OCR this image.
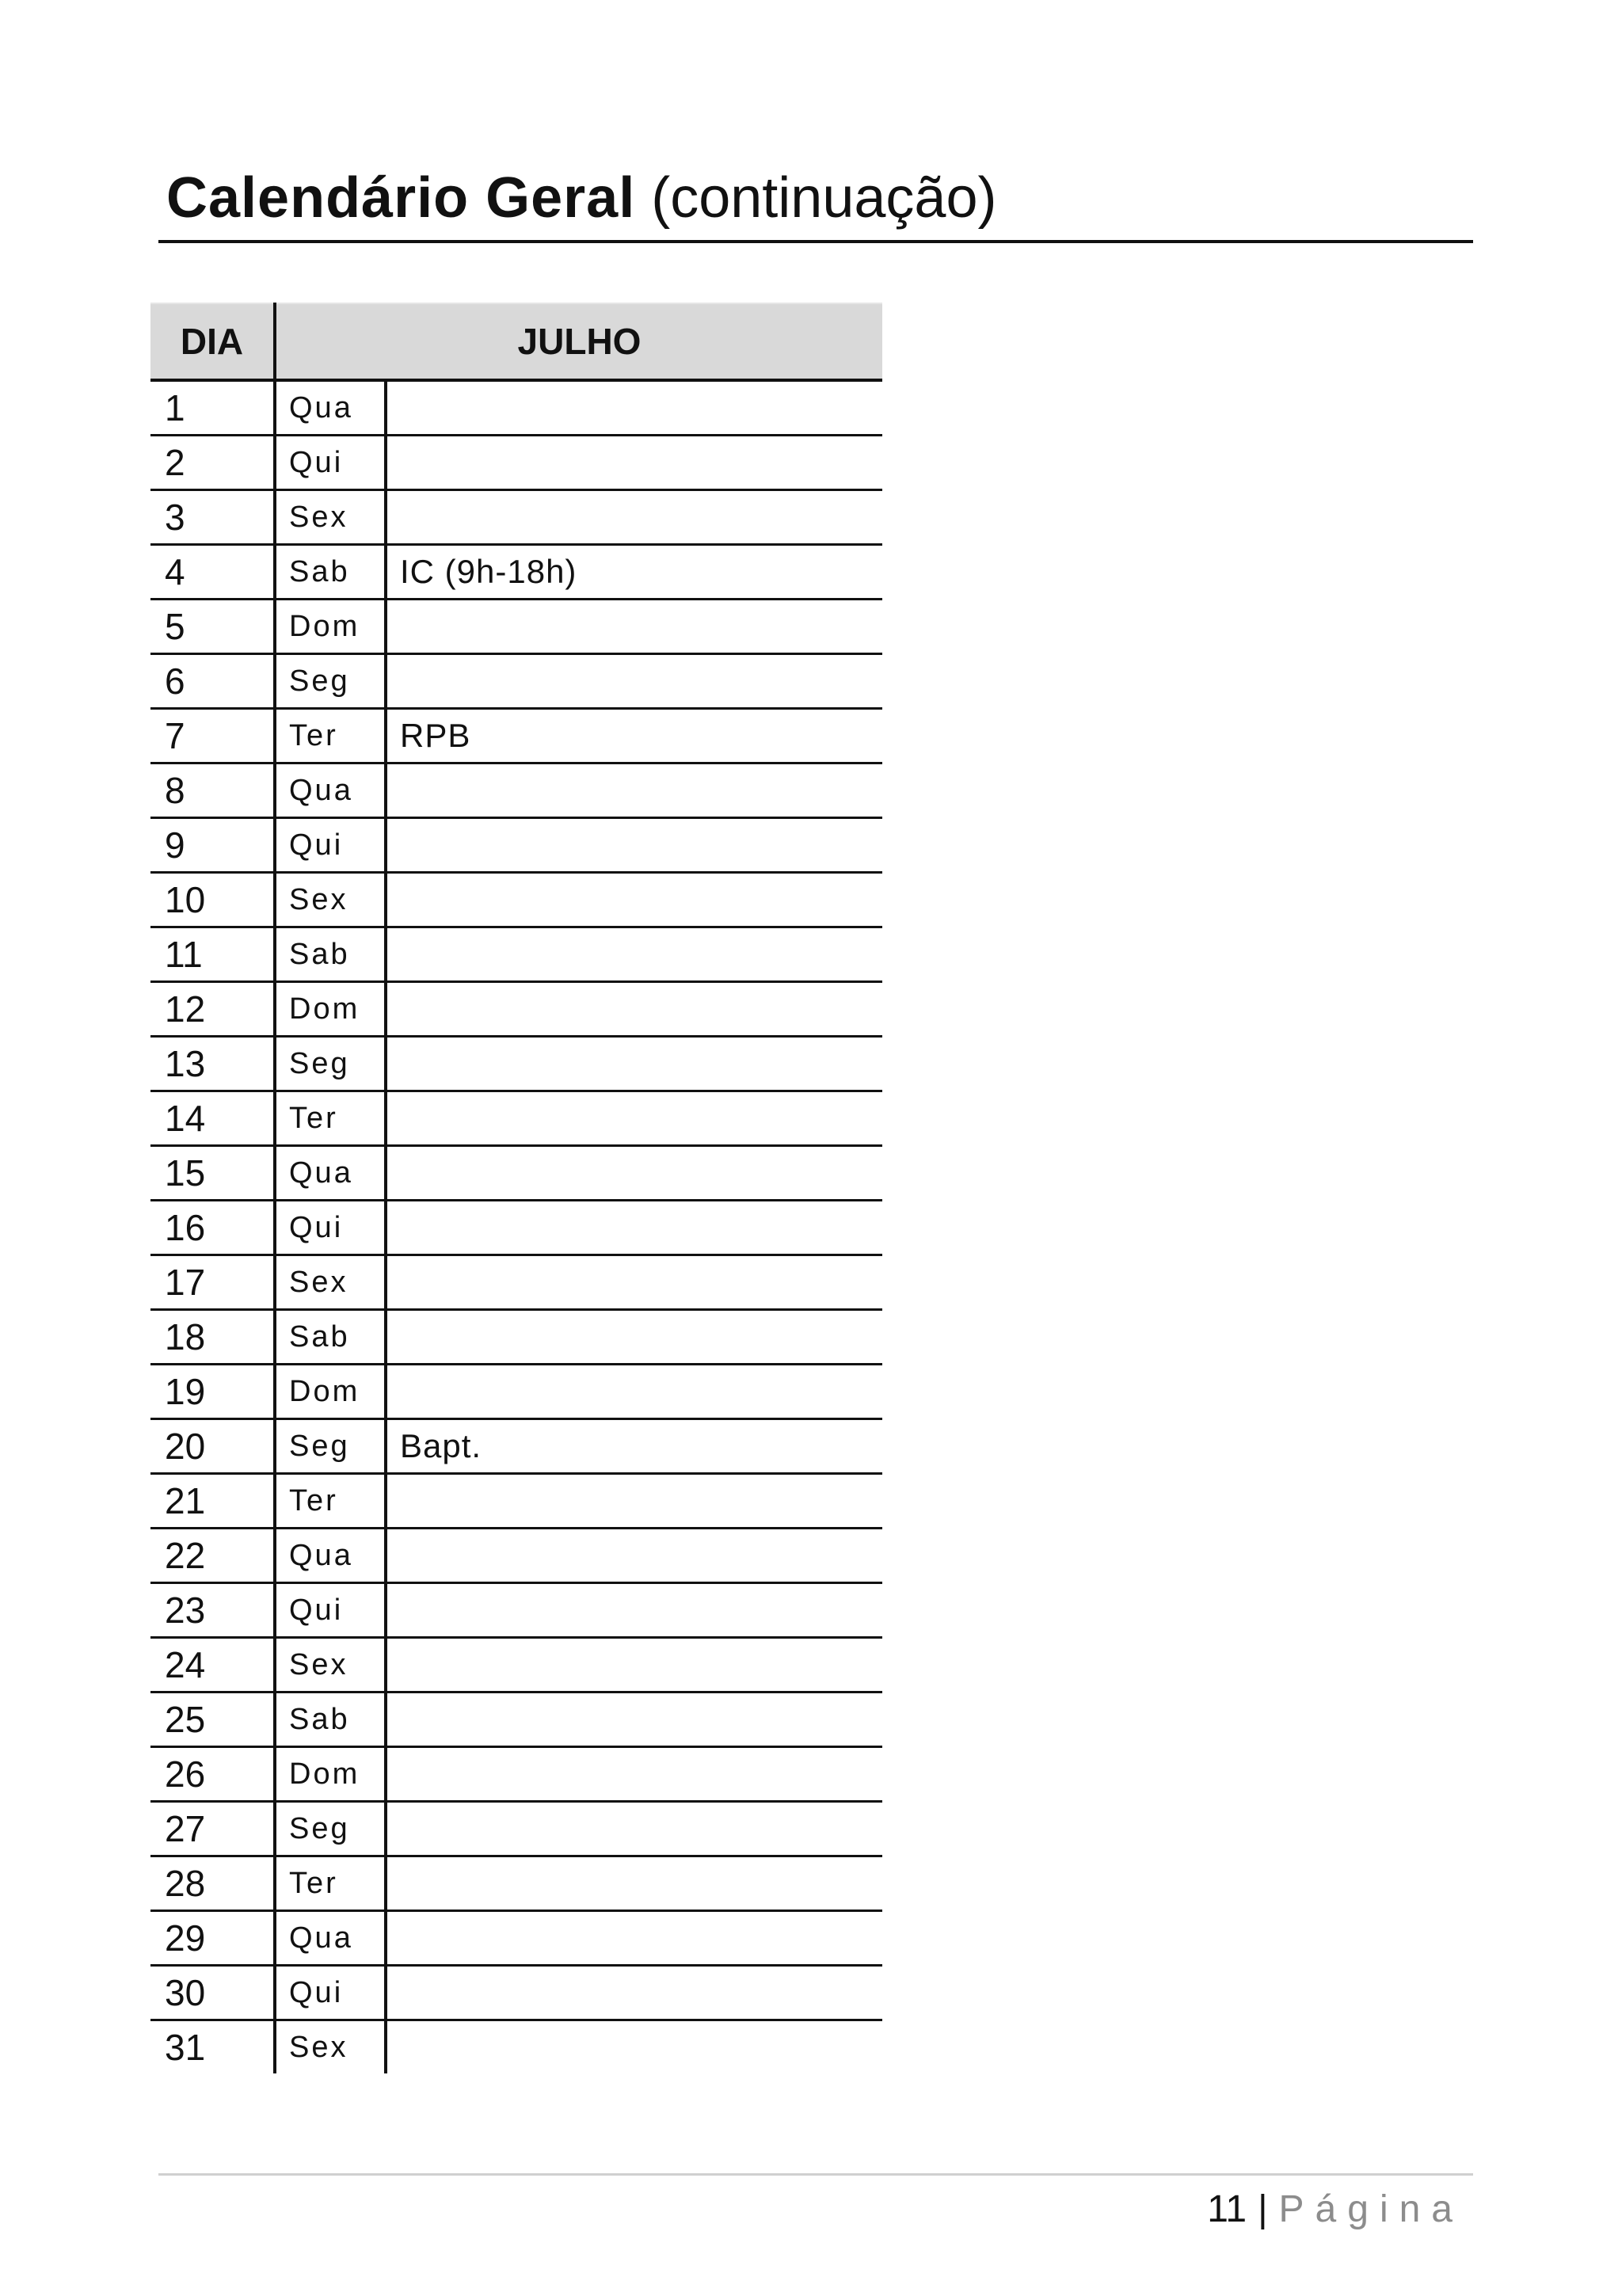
Calendário Geral (continuação)
DIA	JULHO	
1	Qua	
2	Qui	
3	Sex	
4	Sab	IC (9h-18h)
5	Dom	
6	Seg	
7	Ter	RPB
8	Qua	
9	Qui	
10	Sex	
11	Sab	
12	Dom	
13	Seg	
14	Ter	
15	Qua	
16	Qui	
17	Sex	
18	Sab	
19	Dom	
20	Seg	Bapt.
21	Ter	
22	Qua	
23	Qui	
24	Sex	
25	Sab	
26	Dom	
27	Seg	
28	Ter	
29	Qua	
30	Qui	
31	Sex	
11 | Página
